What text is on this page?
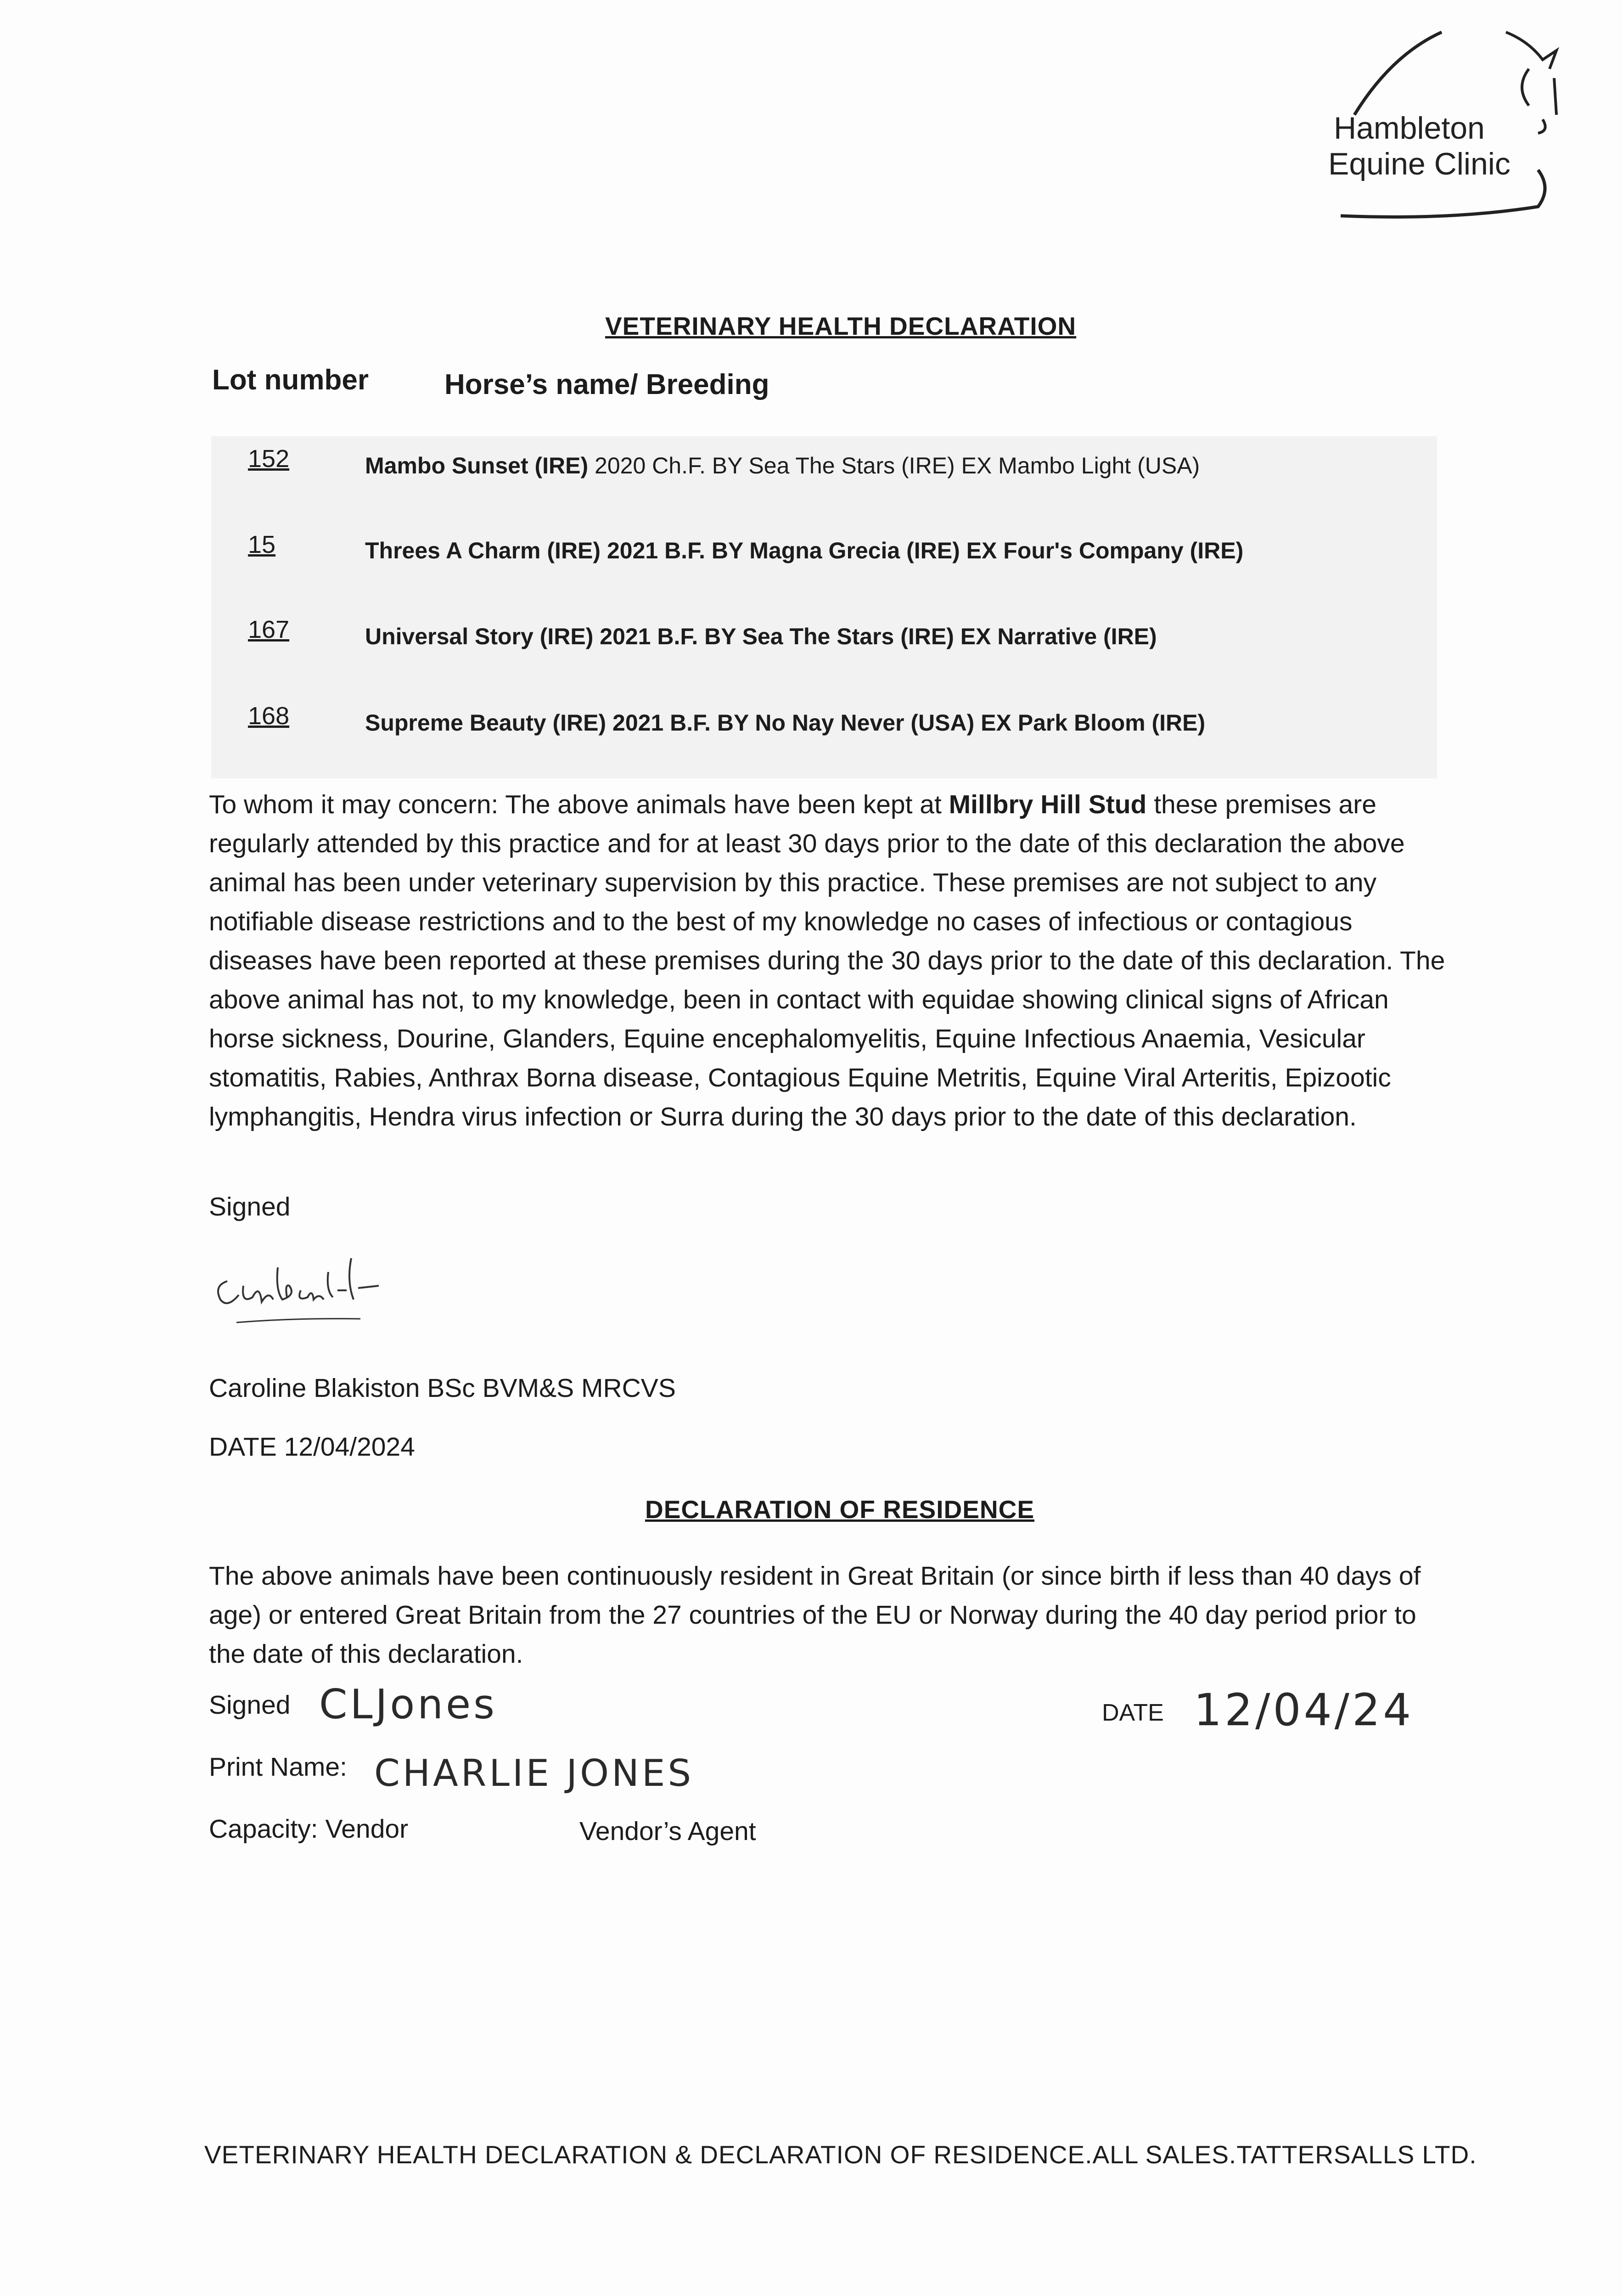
Hambleton
Equine Clinic
VETERINARY HEALTH DECLARATION
Lot number	Horse’s name/ Breeding
152	Mambo Sunset (IRE) 2020 Ch.F. BY Sea The Stars (IRE) EX Mambo Light (USA)
15	Threes A Charm (IRE) 2021 B.F. BY Magna Grecia (IRE) EX Four's Company (IRE)
167	Universal Story (IRE) 2021 B.F. BY Sea The Stars (IRE) EX Narrative (IRE)
168	Supreme Beauty (IRE) 2021 B.F. BY No Nay Never (USA) EX Park Bloom (IRE)
To whom it may concern: The above animals have been kept at Millbry Hill Stud these premises are regularly attended by this practice and for at least 30 days prior to the date of this declaration the above animal has been under veterinary supervision by this practice. These premises are not subject to any notifiable disease restrictions and to the best of my knowledge no cases of infectious or contagious diseases have been reported at these premises during the 30 days prior to the date of this declaration. The above animal has not, to my knowledge, been in contact with equidae showing clinical signs of African horse sickness, Dourine, Glanders, Equine encephalomyelitis, Equine Infectious Anaemia, Vesicular stomatitis, Rabies, Anthrax Borna disease, Contagious Equine Metritis, Equine Viral Arteritis, Epizootic lymphangitis, Hendra virus infection or Surra during the 30 days prior to the date of this declaration.
Signed
Caroline Blakiston BSc BVM&S MRCVS
DATE 12/04/2024
DECLARATION OF RESIDENCE
The above animals have been continuously resident in Great Britain (or since birth if less than 40 days of age) or entered Great Britain from the 27 countries of the EU or Norway during the 40 day period prior to the date of this declaration.
Signed CLJones	DATE 12/04/24
Print Name: CHARLIE JONES
Capacity: Vendor	Vendor’s Agent
VETERINARY HEALTH DECLARATION & DECLARATION OF RESIDENCE.ALL SALES.TATTERSALLS LTD.
